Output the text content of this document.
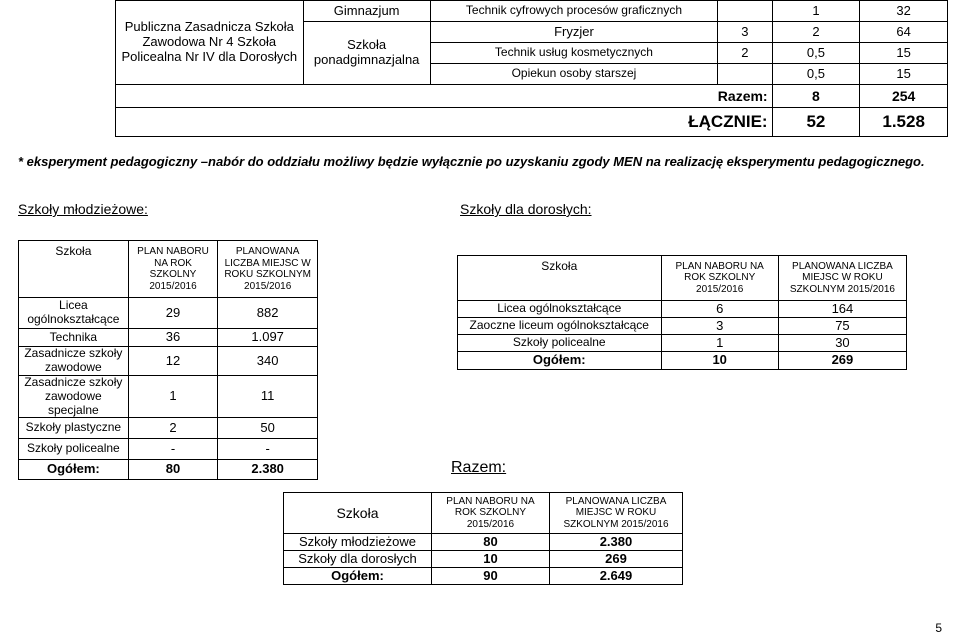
Publiczna Zasadnicza Szkoła Zawodowa Nr 4 Szkoła Policealna Nr IV dla Dorosłych	Gimnazjum	Technik cyfrowych procesów graficznych		1	32
	Szkoła ponadgimnazjalna	Fryzjer	3	2	64
		Technik usług kosmetycznych	2	0,5	15
		Opiekun osoby starszej		0,5	15
Razem:				8	254
ŁĄCZNIE:				52	1.528
* eksperyment pedagogiczny –nabór do oddziału możliwy będzie wyłącznie po uzyskaniu zgody MEN na realizację eksperymentu pedagogicznego.
Szkoły młodzieżowe:
Szkoła	PLAN NABORU NA ROK SZKOLNY 2015/2016	PLANOWANA LICZBA MIEJSC W ROKU SZKOLNYM 2015/2016
Licea ogólnokształcące	29	882
Technika	36	1.097
Zasadnicze szkoły zawodowe	12	340
Zasadnicze szkoły zawodowe specjalne	1	11
Szkoły plastyczne	2	50
Szkoły policealne	-	-
Ogółem:	80	2.380
Szkoły dla dorosłych:
Szkoła	PLAN NABORU NA ROK SZKOLNY 2015/2016	PLANOWANA LICZBA MIEJSC W ROKU SZKOLNYM 2015/2016
Licea ogólnokształcące	6	164
Zaoczne liceum ogólnokształcące	3	75
Szkoły policealne	1	30
Ogółem:	10	269
Razem:
Szkoła	PLAN NABORU NA ROK SZKOLNY 2015/2016	PLANOWANA LICZBA MIEJSC W ROKU SZKOLNYM 2015/2016
Szkoły młodzieżowe	80	2.380
Szkoły dla dorosłych	10	269
Ogółem:	90	2.649
5
